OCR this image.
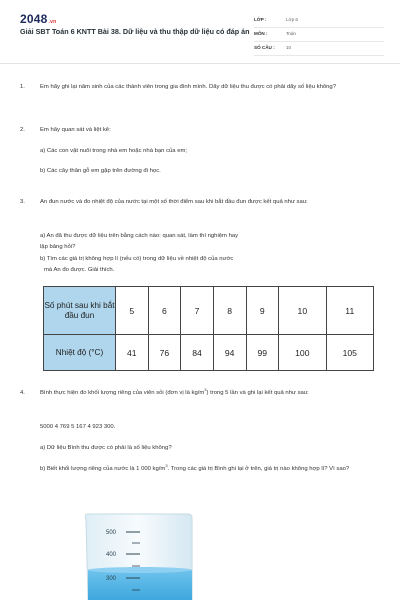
2048.vn
Giải SBT Toán 6 KNTT Bài 38. Dữ liệu và thu thập dữ liệu có đáp án
LỚP :	Lớp 6
MÔN :	Toán
SỐ CÂU : 10
1.	Em hãy ghi lại năm sinh của các thành viên trong gia đình mình. Dãy dữ liệu thu được có phải dãy số liệu không?
2.	Em hãy quan sát và liệt kê:
a) Các con vật nuôi trong nhà em hoặc nhà bạn của em;
b) Các cây thân gỗ em gặp trên đường đi học.
3.	An đun nước và đo nhiệt độ của nước tại một số thời điểm sau khi bắt đầu đun được kết quả như sau:
a) An đã thu được dữ liệu trên bằng cách nào: quan sát, làm thí nghiệm hay
lập bảng hỏi?
b) Tìm các giá trị không hợp lí (nếu có) trong dữ liệu về nhiệt độ của nước
mà An đo được. Giải thích.
Số phút sau khi bắt đầu đun	5	6	7	8	9	10	11
Nhiệt độ (°C)	41	76	84	94	99	100	105
4.	Bình thực hiện đo khối lượng riêng của viên sỏi (đơn vị là $kg/m^3$) trong 5 lần và ghi lại kết quả như sau:
5000 4 769 5 167 4 923 300.
a) Dữ liệu Bình thu được có phải là số liệu không?
b) Biết khối lượng riêng của nước là 1 000 $kg/m^3$. Trong các giá trị Bình ghi lại ở trên, giá trị nào không hợp lí? Vì sao?
500
400
300
